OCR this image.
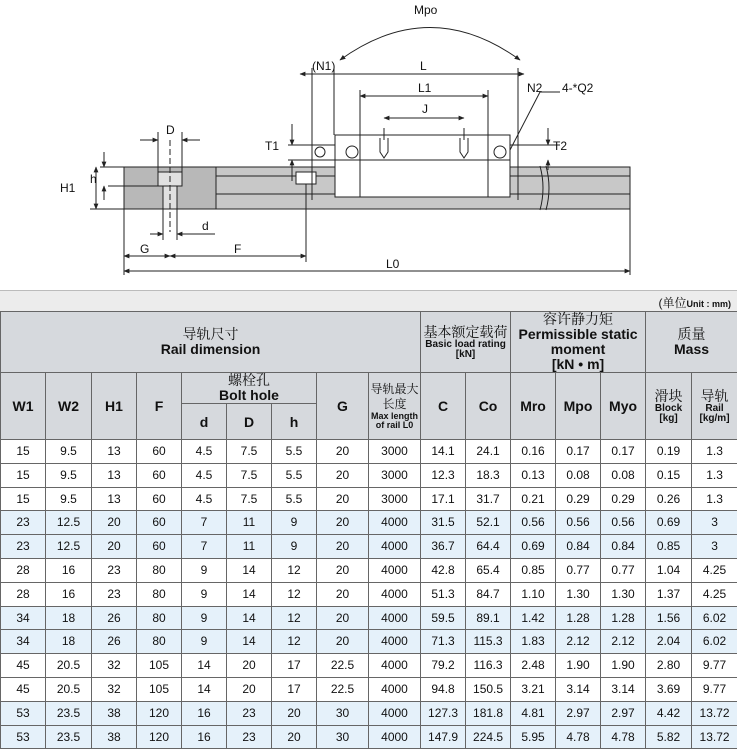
Mpo
(N1)	L
L1
J
N2 4-*Q2
T1	T2
D
h
H1
d
G	F
L0
(单位Unit : mm)
导轨尺寸
Rail dimension									基本额定载荷
Basic load rating
[kN]		容许静力矩
Permissible static moment
[kN • m]			质量
Mass	

W1	W2	H1	F	螺栓孔
Bolt hole			G	导轨最大长度
Max length of rail L0	C	Co	Mro	Mpo	Myo	滑块
Block
[kg]	导轨
Rail
[kg/m]

				d	D	h									
15	9.5	13	60	4.5	7.5	5.5	20	3000	14.1	24.1	0.16	0.17	0.17	0.19	1.3
15	9.5	13	60	4.5	7.5	5.5	20	3000	12.3	18.3	0.13	0.08	0.08	0.15	1.3
15	9.5	13	60	4.5	7.5	5.5	20	3000	17.1	31.7	0.21	0.29	0.29	0.26	1.3
23	12.5	20	60	7	11	9	20	4000	31.5	52.1	0.56	0.56	0.56	0.69	3
23	12.5	20	60	7	11	9	20	4000	36.7	64.4	0.69	0.84	0.84	0.85	3
28	16	23	80	9	14	12	20	4000	42.8	65.4	0.85	0.77	0.77	1.04	4.25
28	16	23	80	9	14	12	20	4000	51.3	84.7	1.10	1.30	1.30	1.37	4.25
34	18	26	80	9	14	12	20	4000	59.5	89.1	1.42	1.28	1.28	1.56	6.02
34	18	26	80	9	14	12	20	4000	71.3	115.3	1.83	2.12	2.12	2.04	6.02
45	20.5	32	105	14	20	17	22.5	4000	79.2	116.3	2.48	1.90	1.90	2.80	9.77
45	20.5	32	105	14	20	17	22.5	4000	94.8	150.5	3.21	3.14	3.14	3.69	9.77
53	23.5	38	120	16	23	20	30	4000	127.3	181.8	4.81	2.97	2.97	4.42	13.72
53	23.5	38	120	16	23	20	30	4000	147.9	224.5	5.95	4.78	4.78	5.82	13.72
